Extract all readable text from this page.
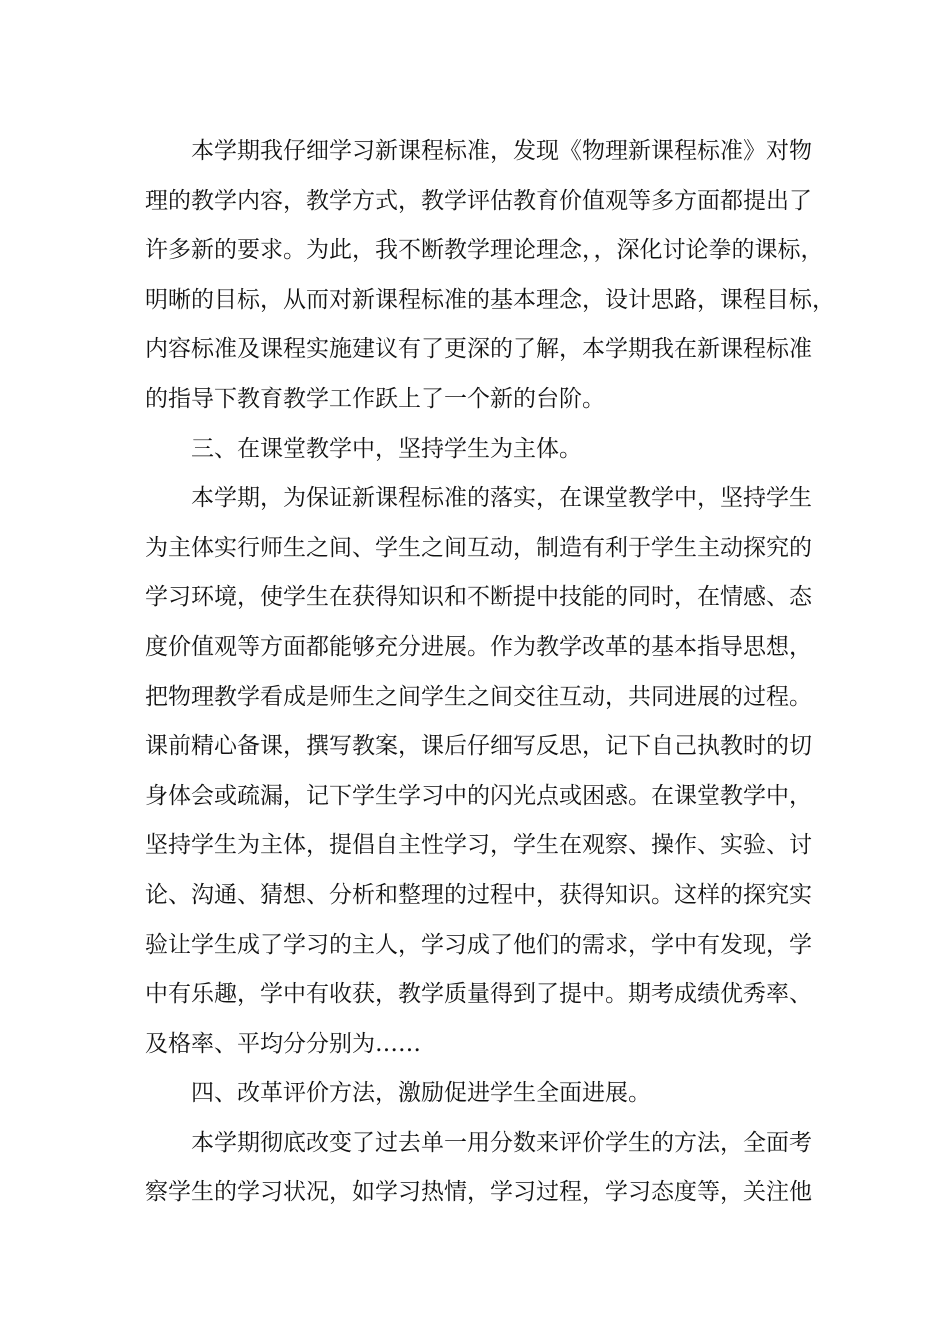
本学期我仔细学习新课程标准，发现《物理新课程标准》对物
理的教学内容，教学方式，教学评估教育价值观等多方面都提出了
许多新的要求。为此，我不断教学理论理念，，深化讨论拳的课标，
明晰的目标，从而对新课程标准的基本理念，设计思路，课程目标，
内容标准及课程实施建议有了更深的了解，本学期我在新课程标准
的指导下教育教学工作跃上了一个新的台阶。
三、在课堂教学中，坚持学生为主体。
本学期，为保证新课程标准的落实，在课堂教学中，坚持学生
为主体实行师生之间、学生之间互动，制造有利于学生主动探究的
学习环境，使学生在获得知识和不断提中技能的同时，在情感、态
度价值观等方面都能够充分进展。作为教学改革的基本指导思想，
把物理教学看成是师生之间学生之间交往互动，共同进展的过程。
课前精心备课，撰写教案，课后仔细写反思，记下自己执教时的切
身体会或疏漏，记下学生学习中的闪光点或困惑。在课堂教学中，
坚持学生为主体，提倡自主性学习，学生在观察、操作、实验、讨
论、沟通、猜想、分析和整理的过程中，获得知识。这样的探究实
验让学生成了学习的主人，学习成了他们的需求，学中有发现，学
中有乐趣，学中有收获，教学质量得到了提中。期考成绩优秀率、
及格率、平均分分别为……
四、改革评价方法，激励促进学生全面进展。
本学期彻底改变了过去单一用分数来评价学生的方法，全面考
察学生的学习状况，如学习热情，学习过程，学习态度等，关注他
